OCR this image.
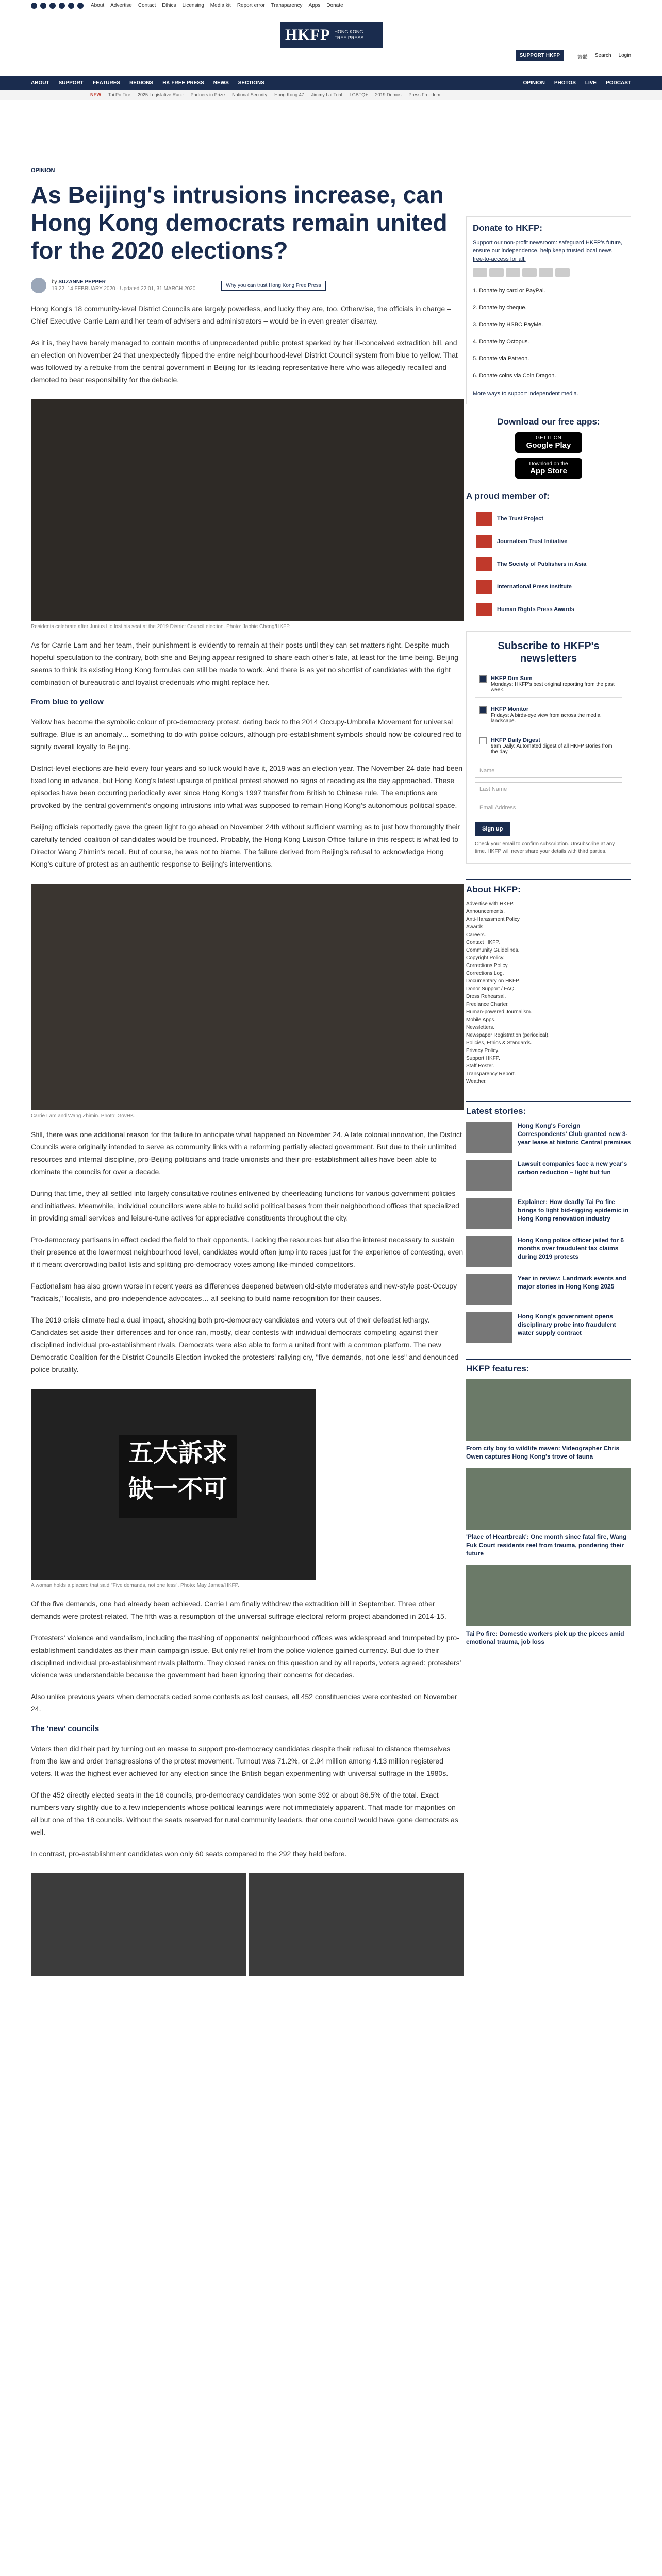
About Advertise Contact Ethics Licensing Media kit Report error Transparency Apps Donate
HKFP HONG KONG
FREE PRESS
SUPPORT HKFP	繁體 Search Login
ABOUT SUPPORT FEATURES REGIONS HK FREE PRESS NEWS SECTIONS	OPINION PHOTOS LIVE PODCAST
NEW Tai Po Fire 2025 Legislative Race Partners in Prize National Security Hong Kong 47 Jimmy Lai Trial LGBTQ+ 2019 Demos Press Freedom
OPINION
As Beijing's intrusions increase, can Hong Kong democrats remain united for the 2020 elections?
by SUZANNE PEPPER
19:22, 14 FEBRUARY 2020 · Updated 22:01, 31 MARCH 2020
Why you can trust Hong Kong Free Press

Hong Kong's 18 community-level District Councils are largely powerless, and lucky they are, too. Otherwise, the officials in charge – Chief Executive Carrie Lam and her team of advisers and administrators – would be in even greater disarray.

As it is, they have barely managed to contain months of unprecedented public protest sparked by her ill-conceived extradition bill, and an election on November 24 that unexpectedly flipped the entire neighbourhood-level District Council system from blue to yellow. That was followed by a rebuke from the central government in Beijing for its leading representative here who was allegedly recalled and demoted to bear responsibility for the debacle.

Residents celebrate after Junius Ho lost his seat at the 2019 District Council election. Photo: Jabbie Cheng/HKFP.

As for Carrie Lam and her team, their punishment is evidently to remain at their posts until they can set matters right. Despite much hopeful speculation to the contrary, both she and Beijing appear resigned to share each other's fate, at least for the time being. Beijing seems to think its existing Hong Kong formulas can still be made to work. And there is as yet no shortlist of candidates with the right combination of bureaucratic and loyalist credentials who might replace her.

From blue to yellow

Yellow has become the symbolic colour of pro-democracy protest, dating back to the 2014 Occupy-Umbrella Movement for universal suffrage. Blue is an anomaly… something to do with police colours, although pro-establishment symbols should now be coloured red to signify overall loyalty to Beijing.

District-level elections are held every four years and so luck would have it, 2019 was an election year. The November 24 date had been fixed long in advance, but Hong Kong's latest upsurge of political protest showed no signs of receding as the day approached. These episodes have been occurring periodically ever since Hong Kong's 1997 transfer from British to Chinese rule. The eruptions are provoked by the central government's ongoing intrusions into what was supposed to remain Hong Kong's autonomous political space.

Beijing officials reportedly gave the green light to go ahead on November 24th without sufficient warning as to just how thoroughly their carefully tended coalition of candidates would be trounced. Probably, the Hong Kong Liaison Office failure in this respect is what led to Director Wang Zhimin's recall. But of course, he was not to blame. The failure derived from Beijing's refusal to acknowledge Hong Kong's culture of protest as an authentic response to Beijing's interventions.

Carrie Lam and Wang Zhimin. Photo: GovHK.

Still, there was one additional reason for the failure to anticipate what happened on November 24. A late colonial innovation, the District Councils were originally intended to serve as community links with a reforming partially elected government. But due to their unlimited resources and internal discipline, pro-Beijing politicians and trade unionists and their pro-establishment allies have been able to dominate the councils for over a decade.

During that time, they all settled into largely consultative routines enlivened by cheerleading functions for various government policies and initiatives. Meanwhile, individual councillors were able to build solid political bases from their neighborhood offices that specialized in providing small services and leisure-tune actives for appreciative constituents throughout the city.

Pro-democracy partisans in effect ceded the field to their opponents. Lacking the resources but also the interest necessary to sustain their presence at the lowermost neighbourhood level, candidates would often jump into races just for the experience of contesting, even if it meant overcrowding ballot lists and splitting pro-democracy votes among like-minded competitors.

Factionalism has also grown worse in recent years as differences deepened between old-style moderates and new-style post-Occupy "radicals," localists, and pro-independence advocates… all seeking to build name-recognition for their causes.

The 2019 crisis climate had a dual impact, shocking both pro-democracy candidates and voters out of their defeatist lethargy. Candidates set aside their differences and for once ran, mostly, clear contests with individual democrats competing against their disciplined individual pro-establishment rivals. Democrats were also able to form a united front with a common platform. The new Democratic Coalition for the District Councils Election invoked the protesters' rallying cry, "five demands, not one less" and denounced police brutality.

五大訴求 缺一不可
A woman holds a placard that said "Five demands, not one less". Photo: May James/HKFP.

Of the five demands, one had already been achieved. Carrie Lam finally withdrew the extradition bill in September. Three other demands were protest-related. The fifth was a resumption of the universal suffrage electoral reform project abandoned in 2014-15.

Protesters' violence and vandalism, including the trashing of opponents' neighbourhood offices was widespread and trumpeted by pro-establishment candidates as their main campaign issue. But only relief from the police violence gained currency. But due to their disciplined individual pro-establishment rivals platform. They closed ranks on this question and by all reports, voters agreed: protesters' violence was understandable because the government had been ignoring their concerns for decades.

Also unlike previous years when democrats ceded some contests as lost causes, all 452 constituencies were contested on November 24.

The 'new' councils

Voters then did their part by turning out en masse to support pro-democracy candidates despite their refusal to distance themselves from the law and order transgressions of the protest movement. Turnout was 71.2%, or 2.94 million among 4.13 million registered voters. It was the highest ever achieved for any election since the British began experimenting with universal suffrage in the 1980s.

Of the 452 directly elected seats in the 18 councils, pro-democracy candidates won some 392 or about 86.5% of the total. Exact numbers vary slightly due to a few independents whose political leanings were not immediately apparent. That made for majorities on all but one of the 18 councils. Without the seats reserved for rural community leaders, that one council would have gone democrats as well.

In contrast, pro-establishment candidates won only 60 seats compared to the 292 they held before.

Donate to HKFP:
Support our non-profit newsroom: safeguard HKFP's future, ensure our independence, help keep trusted local news free-to-access for all.
1. Donate by card or PayPal.
2. Donate by cheque.
3. Donate by HSBC PayMe.
4. Donate by Octopus.
5. Donate via Patreon.
6. Donate coins via Coin Dragon.
More ways to support independent media.
Download our free apps:
GET IT ON
Google Play
Download on the
App Store
A proud member of:
The Trust Project
Journalism Trust Initiative
The Society of Publishers in Asia
International Press Institute
Human Rights Press Awards
Subscribe to HKFP's newsletters
HKFP Dim Sum
Mondays: HKFP's best original reporting from the past week.
HKFP Monitor
Fridays: A birds-eye view from across the media landscape.
HKFP Daily Digest
9am Daily: Automated digest of all HKFP stories from the day.
Name
Last Name
Email Address
Sign up
Check your email to confirm subscription. Unsubscribe at any time. HKFP will never share your details with third parties.
About HKFP:
Advertise with HKFP.
Announcements.
Anti-Harassment Policy.
Awards.
Careers.
Contact HKFP.
Community Guidelines.
Copyright Policy.
Corrections Policy.
Corrections Log.
Documentary on HKFP.
Donor Support / FAQ.
Dress Rehearsal.
Freelance Charter.
Human-powered Journalism.
Mobile Apps.
Newsletters.
Newspaper Registration (periodical).
Policies, Ethics & Standards.
Privacy Policy.
Support HKFP.
Staff Roster.
Transparency Report.
Weather.
Latest stories:
Hong Kong's Foreign Correspondents' Club granted new 3-year lease at historic Central premises
Lawsuit companies face a new year's carbon reduction – light but fun
Explainer: How deadly Tai Po fire brings to light bid-rigging epidemic in Hong Kong renovation industry
Hong Kong police officer jailed for 6 months over fraudulent tax claims during 2019 protests
Year in review: Landmark events and major stories in Hong Kong 2025
Hong Kong's government opens disciplinary probe into fraudulent water supply contract
HKFP features:
From city boy to wildlife maven: Videographer Chris Owen captures Hong Kong's trove of fauna
'Place of Heartbreak': One month since fatal fire, Wang Fuk Court residents reel from trauma, pondering their future
Tai Po fire: Domestic workers pick up the pieces amid emotional trauma, job loss
